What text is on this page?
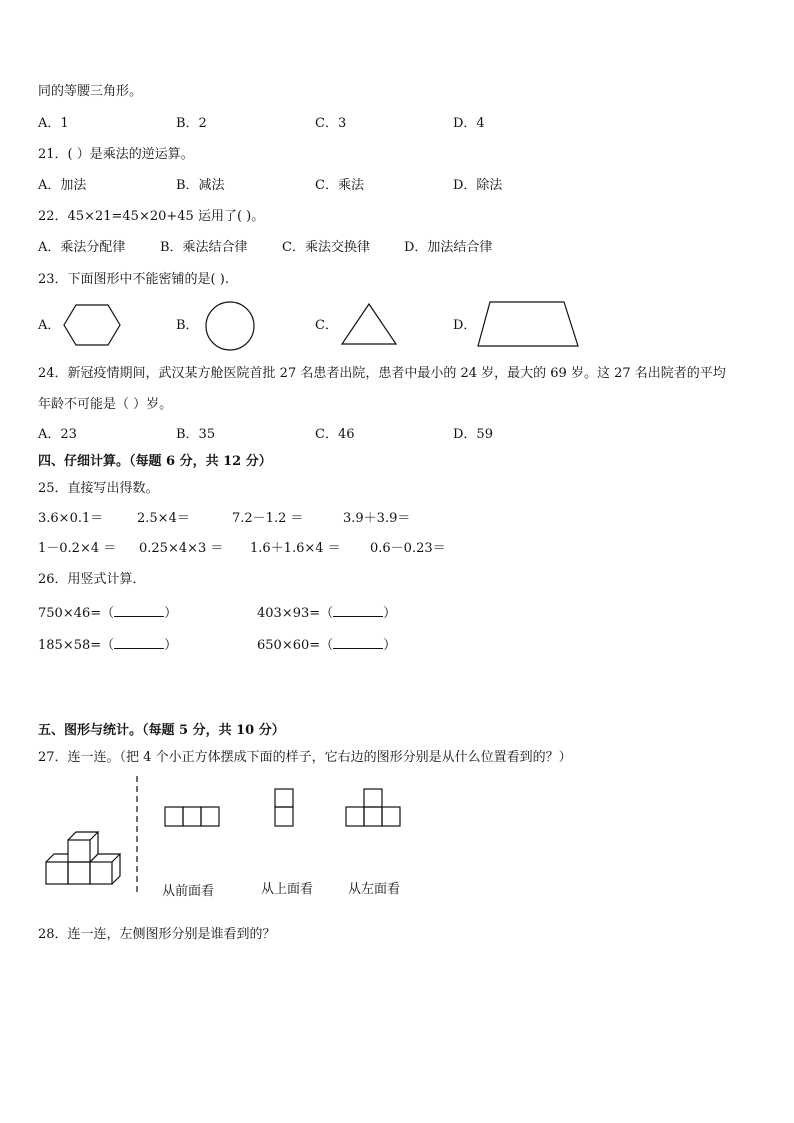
同的等腰三角形。
A．1	B．2	C．3	D．4
21．( ）是乘法的逆运算。
A．加法	B．减法	C．乘法	D．除法
22．45×21=45×20+45 运用了( )。
A．乘法分配律	B．乘法结合律	C．乘法交换律	D．加法结合律
23．下面图形中不能密铺的是( ).
A．	B．	C．	D．
24．新冠疫情期间，武汉某方舱医院首批 27 名患者出院，患者中最小的 24 岁，最大的 69 岁。这 27 名出院者的平均
年龄不可能是（ ）岁。
A．23	B．35	C．46	D．59
四、仔细计算。（每题 6 分，共 12 分）
25．直接写出得数。
3.6×0.1＝	2.5×4＝	7.2－1.2 ＝	3.9＋3.9＝
1－0.2×4 ＝ 0.25×4×3 ＝ 1.6＋1.6×4 ＝ 0.6－0.23＝
26．用竖式计算．
750×46=（	）	403×93=（	）
185×58=（	）	650×60=（	）
五、图形与统计。（每题 5 分，共 10 分）
27．连一连。（把 4 个小正方体摆成下面的样子，它右边的图形分别是从什么位置看到的？）
从前面看	从上面看	从左面看
28．连一连，左侧图形分别是谁看到的？
